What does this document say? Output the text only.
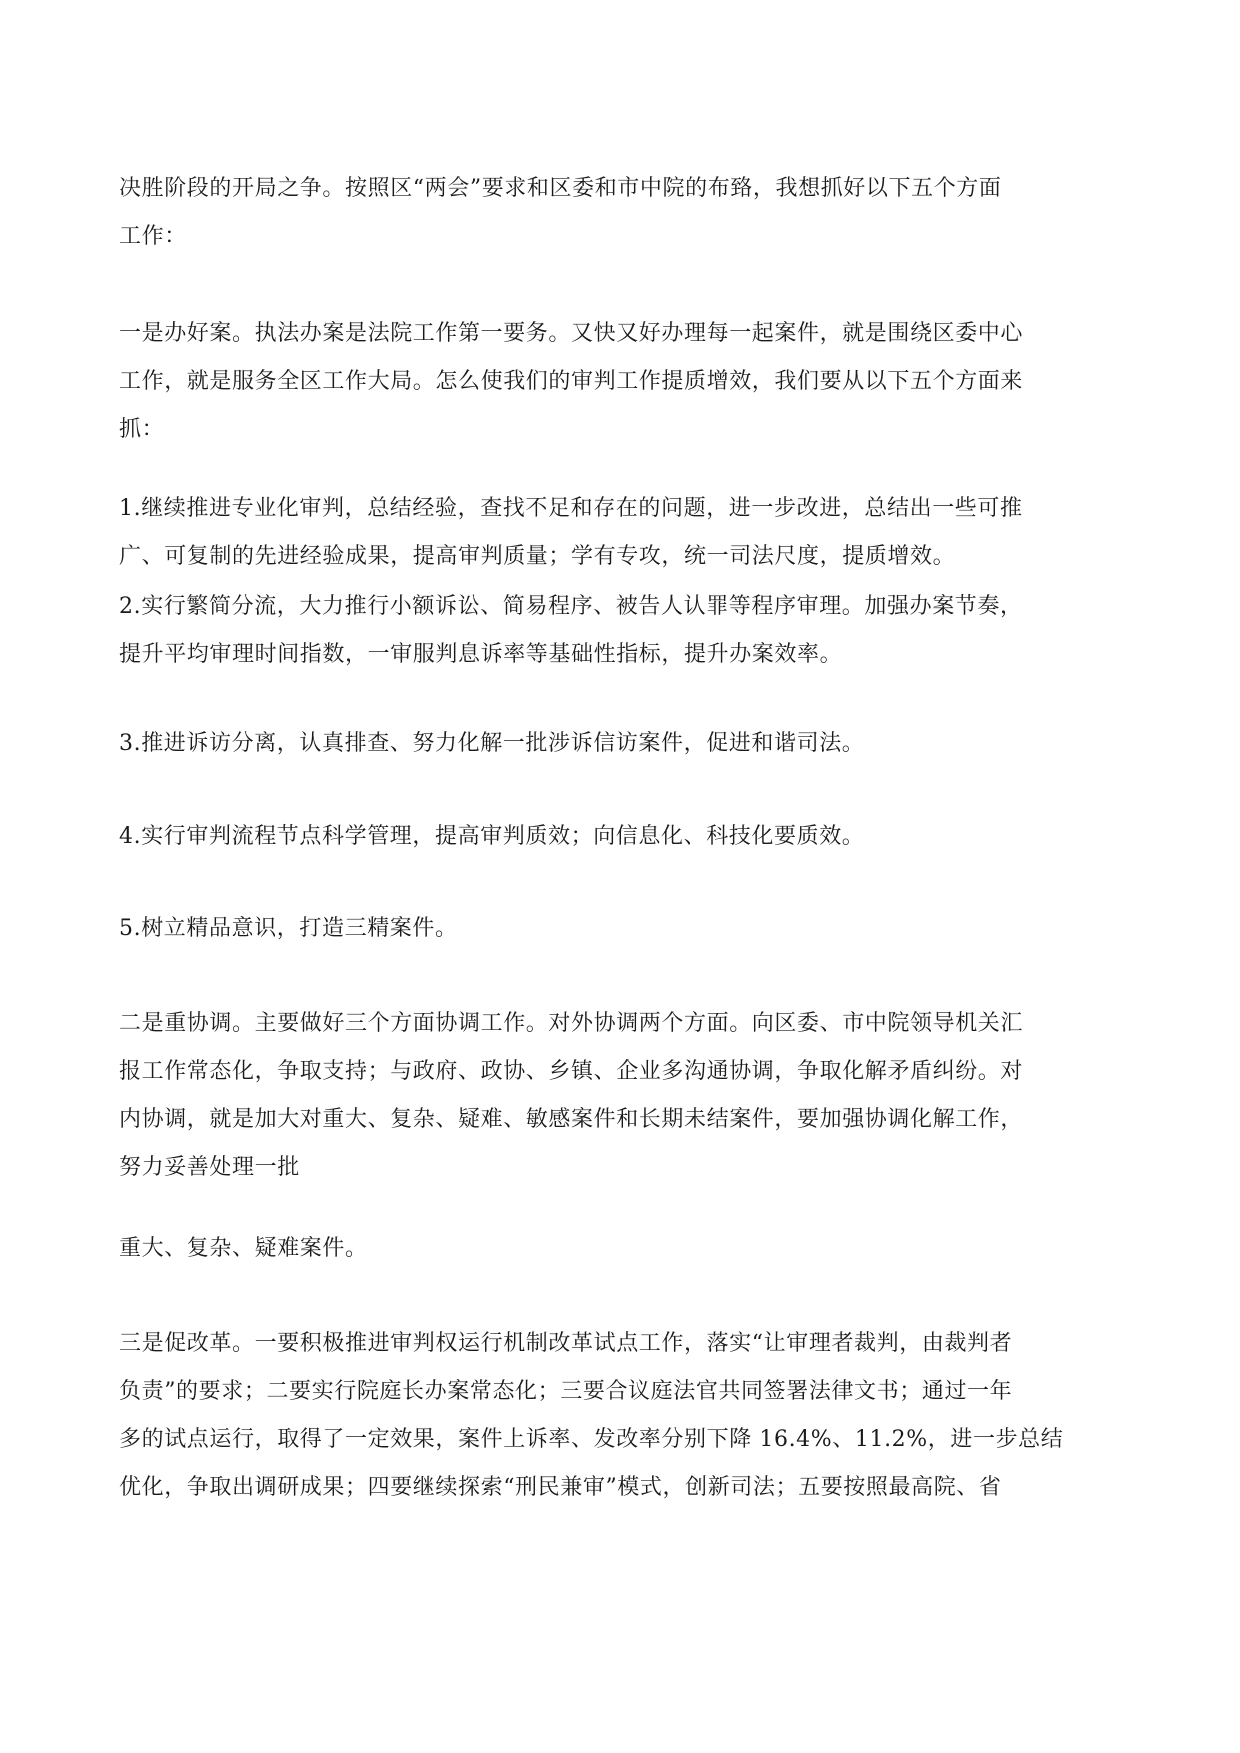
决胜阶段的开局之争。按照区“两会”要求和区委和市中院的布臵，我想抓好以下五个方面
工作：
一是办好案。执法办案是法院工作第一要务。又快又好办理每一起案件，就是围绕区委中心
工作，就是服务全区工作大局。怎么使我们的审判工作提质增效，我们要从以下五个方面来
抓：
1.继续推进专业化审判，总结经验，查找不足和存在的问题，进一步改进，总结出一些可推
广、可复制的先进经验成果，提高审判质量；学有专攻，统一司法尺度，提质增效。
2.实行繁简分流，大力推行小额诉讼、简易程序、被告人认罪等程序审理。加强办案节奏，
提升平均审理时间指数，一审服判息诉率等基础性指标，提升办案效率。
3.推进诉访分离，认真排查、努力化解一批涉诉信访案件，促进和谐司法。
4.实行审判流程节点科学管理，提高审判质效；向信息化、科技化要质效。
5.树立精品意识，打造三精案件。
二是重协调。主要做好三个方面协调工作。对外协调两个方面。向区委、市中院领导机关汇
报工作常态化，争取支持；与政府、政协、乡镇、企业多沟通协调，争取化解矛盾纠纷。对
内协调，就是加大对重大、复杂、疑难、敏感案件和长期未结案件，要加强协调化解工作，
努力妥善处理一批
重大、复杂、疑难案件。
三是促改革。一要积极推进审判权运行机制改革试点工作，落实“让审理者裁判，由裁判者
负责”的要求；二要实行院庭长办案常态化；三要合议庭法官共同签署法律文书；通过一年
多的试点运行，取得了一定效果，案件上诉率、发改率分别下降 16.4%、11.2%，进一步总结
优化，争取出调研成果；四要继续探索“刑民兼审”模式，创新司法；五要按照最高院、省
